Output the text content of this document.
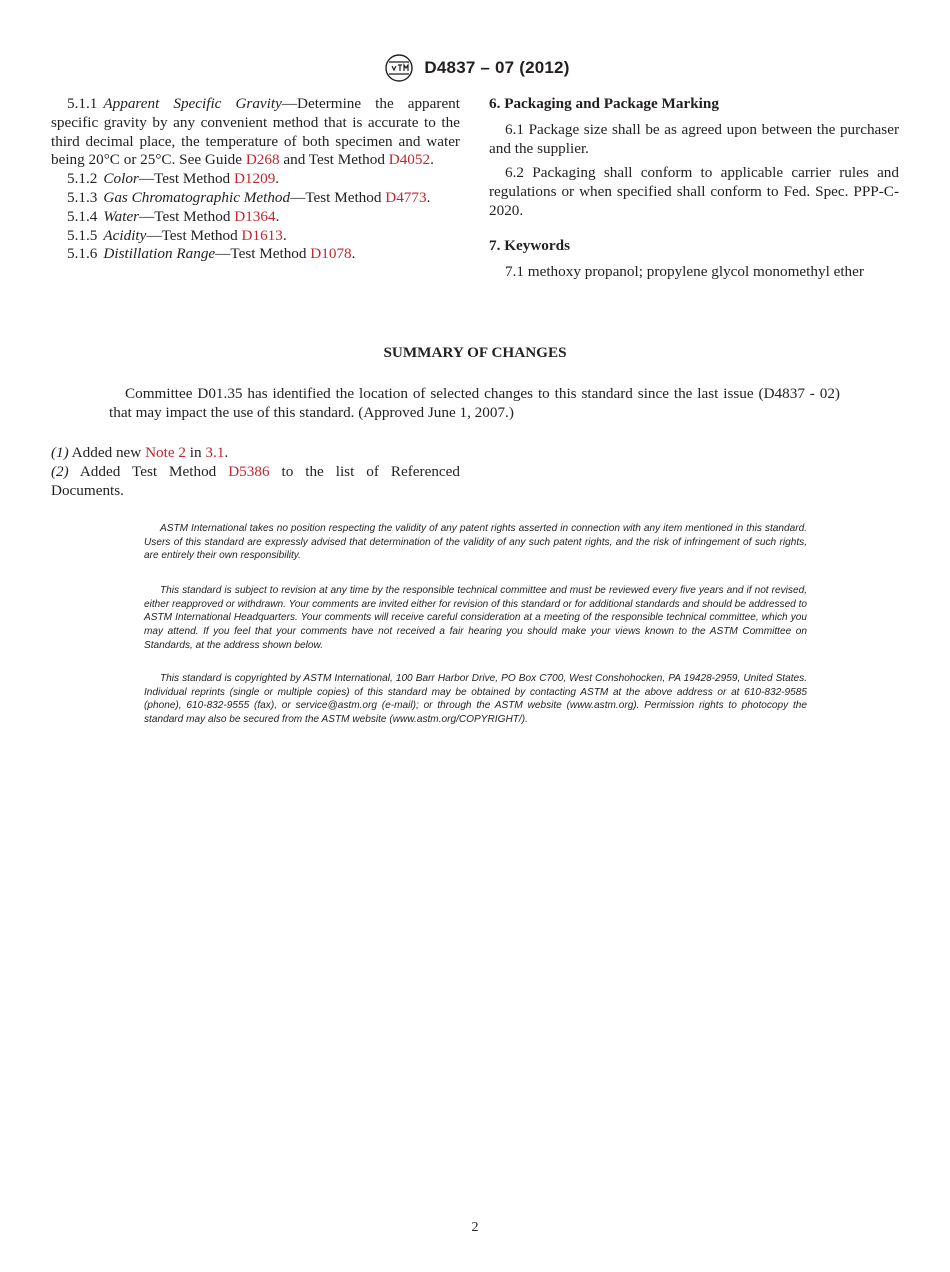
D4837 – 07 (2012)

5.1.1 Apparent Specific Gravity—Determine the apparent specific gravity by any convenient method that is accurate to the third decimal place, the temperature of both specimen and water being 20°C or 25°C. See Guide D268 and Test Method D4052.

5.1.2 Color—Test Method D1209.

5.1.3 Gas Chromatographic Method—Test Method D4773.

5.1.4 Water—Test Method D1364.

5.1.5 Acidity—Test Method D1613.

5.1.6 Distillation Range—Test Method D1078.

6. Packaging and Package Marking

6.1 Package size shall be as agreed upon between the purchaser and the supplier.

6.2 Packaging shall conform to applicable carrier rules and regulations or when specified shall conform to Fed. Spec. PPP-C-2020.

7. Keywords

7.1 methoxy propanol; propylene glycol monomethyl ether

SUMMARY OF CHANGES
Committee D01.35 has identified the location of selected changes to this standard since the last issue (D4837 - 02) that may impact the use of this standard. (Approved June 1, 2007.)

(1) Added new Note 2 in 3.1.

(2) Added Test Method D5386 to the list of Referenced Documents.

ASTM International takes no position respecting the validity of any patent rights asserted in connection with any item mentioned in this standard. Users of this standard are expressly advised that determination of the validity of any such patent rights, and the risk of infringement of such rights, are entirely their own responsibility.
This standard is subject to revision at any time by the responsible technical committee and must be reviewed every five years and if not revised, either reapproved or withdrawn. Your comments are invited either for revision of this standard or for additional standards and should be addressed to ASTM International Headquarters. Your comments will receive careful consideration at a meeting of the responsible technical committee, which you may attend. If you feel that your comments have not received a fair hearing you should make your views known to the ASTM Committee on Standards, at the address shown below.
This standard is copyrighted by ASTM International, 100 Barr Harbor Drive, PO Box C700, West Conshohocken, PA 19428-2959, United States. Individual reprints (single or multiple copies) of this standard may be obtained by contacting ASTM at the above address or at 610-832-9585 (phone), 610-832-9555 (fax), or service@astm.org (e-mail); or through the ASTM website (www.astm.org). Permission rights to photocopy the standard may also be secured from the ASTM website (www.astm.org/COPYRIGHT/).
2
